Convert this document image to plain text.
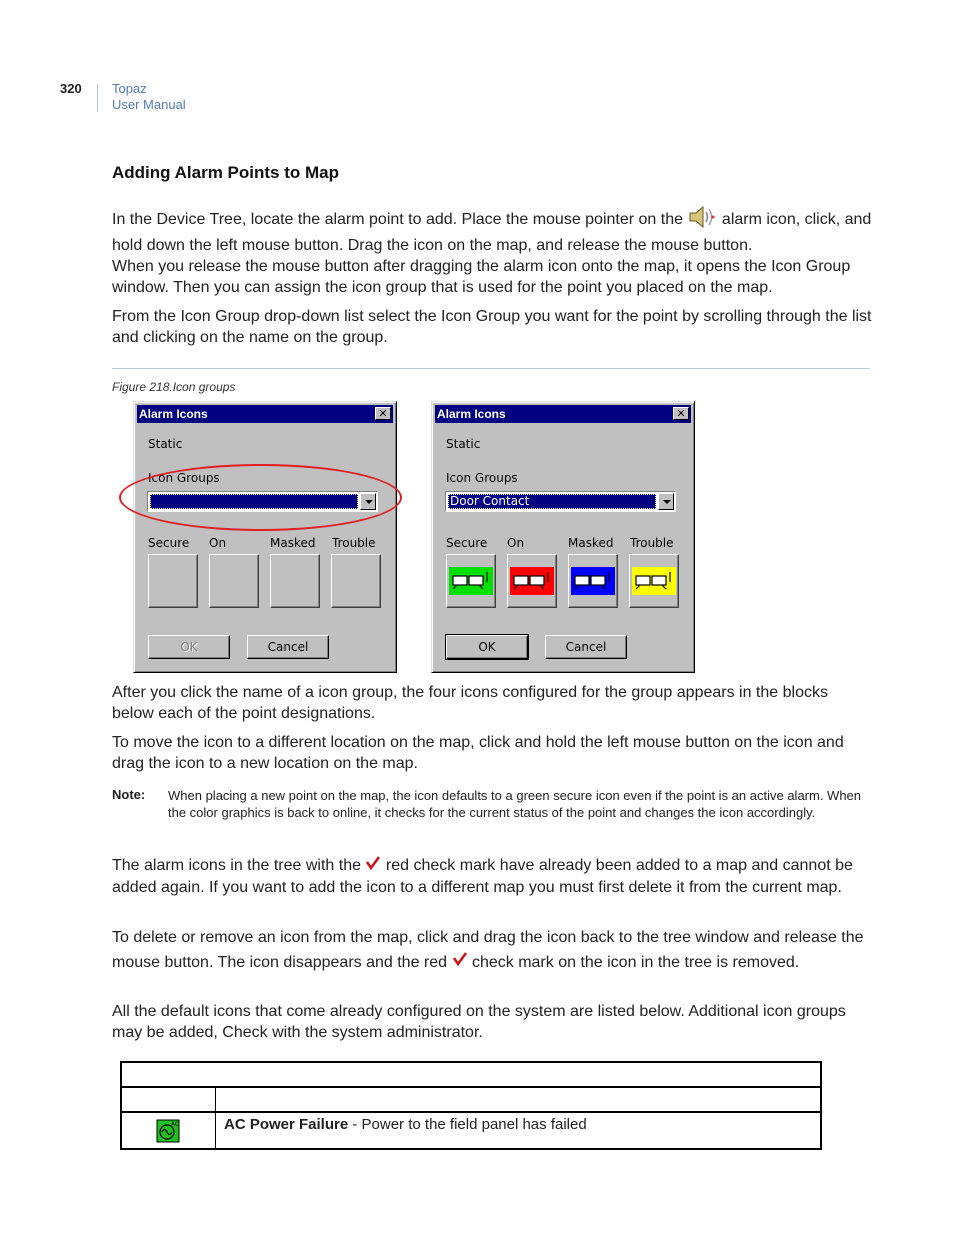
320 Topaz
User Manual
Adding Alarm Points to Map
In the Device Tree, locate the alarm point to add. Place the mouse pointer on the alarm icon, click, and hold down the left mouse button. Drag the icon on the map, and release the mouse button.
When you release the mouse button after dragging the alarm icon onto the map, it opens the Icon Group window. Then you can assign the icon group that is used for the point you placed on the map.
From the Icon Group drop-down list select the Icon Group you want for the point by scrolling through the list and clicking on the name on the group.
Figure 218.Icon groups
Alarm Icons	✕
Static
Icon Groups
Secure On	Masked Trouble
OK	Cancel
Alarm Icons	✕
Static
Icon Groups
Door Contact
Secure On	Masked Trouble
OK	Cancel
After you click the name of a icon group, the four icons configured for the group appears in the blocks below each of the point designations.
To move the icon to a different location on the map, click and hold the left mouse button on the icon and drag the icon to a new location on the map.
Note: When placing a new point on the map, the icon defaults to a green secure icon even if the point is an active alarm. When the color graphics is back to online, it checks for the current status of the point and changes the icon accordingly.
The alarm icons in the tree with the red check mark have already been added to a map and cannot be added again. If you want to add the icon to a different map you must first delete it from the current map.
To delete or remove an icon from the map, click and drag the icon back to the tree window and release the mouse button. The icon disappears and the red check mark on the icon in the tree is removed.
All the default icons that come already configured on the system are listed below. Additional icon groups may be added, Check with the system administrator.
AC	AC Power Failure - Power to the field panel has failed
